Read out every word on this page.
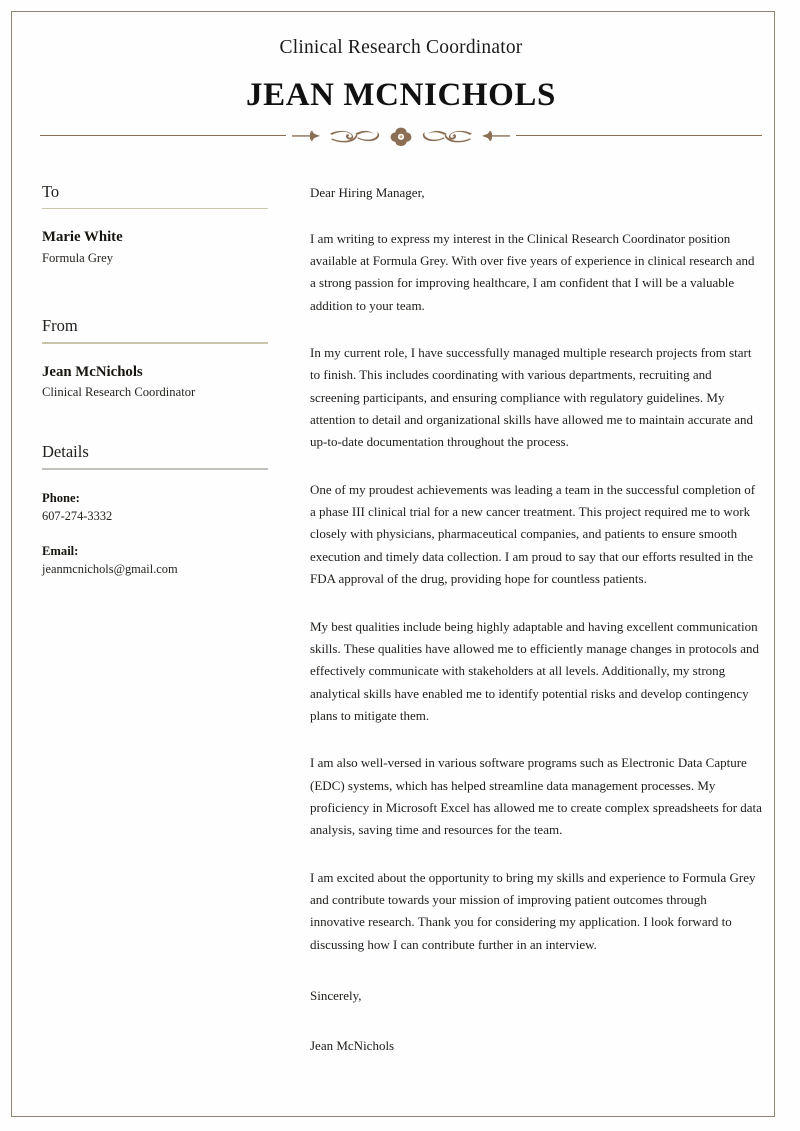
Clinical Research Coordinator
JEAN MCNICHOLS
To
Marie White
Formula Grey
From
Jean McNichols
Clinical Research Coordinator
Details
Phone:
607-274-3332
Email:
jeanmcnichols@gmail.com
Dear Hiring Manager,
I am writing to express my interest in the Clinical Research Coordinator position available at Formula Grey. With over five years of experience in clinical research and a strong passion for improving healthcare, I am confident that I will be a valuable addition to your team.
In my current role, I have successfully managed multiple research projects from start to finish. This includes coordinating with various departments, recruiting and screening participants, and ensuring compliance with regulatory guidelines. My attention to detail and organizational skills have allowed me to maintain accurate and up-to-date documentation throughout the process.
One of my proudest achievements was leading a team in the successful completion of a phase III clinical trial for a new cancer treatment. This project required me to work closely with physicians, pharmaceutical companies, and patients to ensure smooth execution and timely data collection. I am proud to say that our efforts resulted in the FDA approval of the drug, providing hope for countless patients.
My best qualities include being highly adaptable and having excellent communication skills. These qualities have allowed me to efficiently manage changes in protocols and effectively communicate with stakeholders at all levels. Additionally, my strong analytical skills have enabled me to identify potential risks and develop contingency plans to mitigate them.
I am also well-versed in various software programs such as Electronic Data Capture (EDC) systems, which has helped streamline data management processes. My proficiency in Microsoft Excel has allowed me to create complex spreadsheets for data analysis, saving time and resources for the team.
I am excited about the opportunity to bring my skills and experience to Formula Grey and contribute towards your mission of improving patient outcomes through innovative research. Thank you for considering my application. I look forward to discussing how I can contribute further in an interview.
Sincerely,
Jean McNichols
